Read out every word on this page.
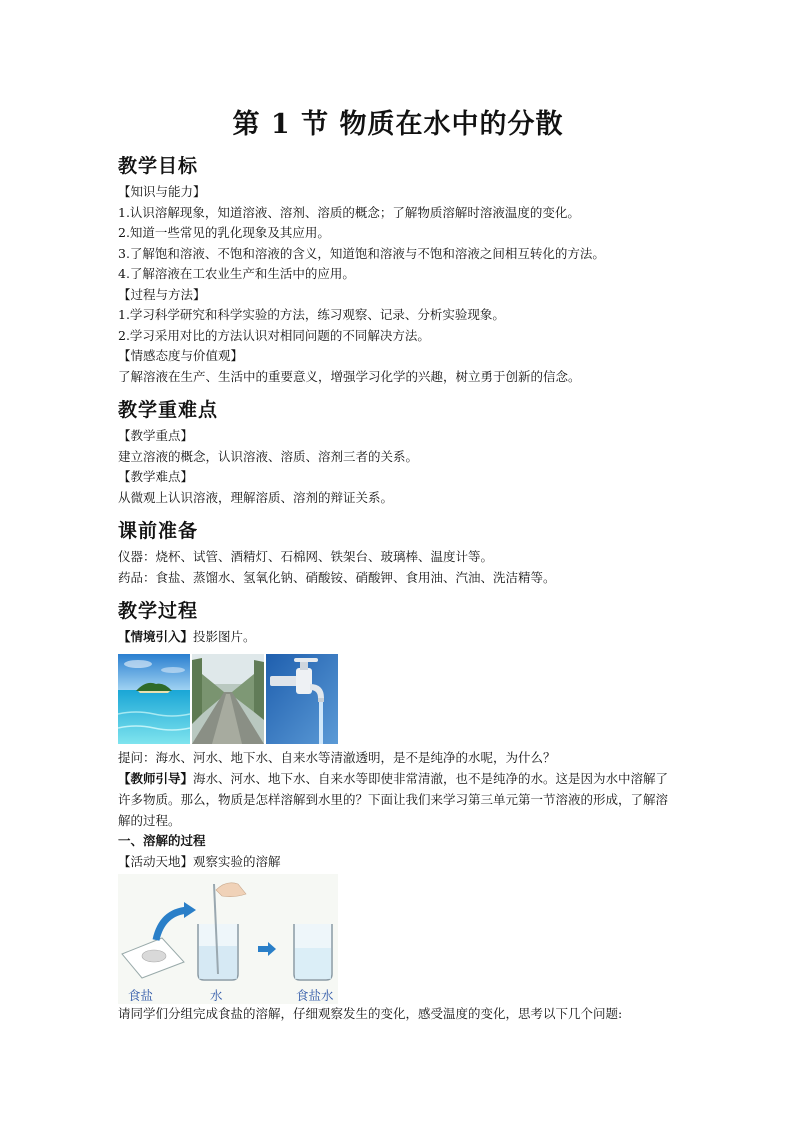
第 1 节 物质在水中的分散
教学目标
【知识与能力】
1.认识溶解现象，知道溶液、溶剂、溶质的概念；了解物质溶解时溶液温度的变化。
2.知道一些常见的乳化现象及其应用。
3.了解饱和溶液、不饱和溶液的含义，知道饱和溶液与不饱和溶液之间相互转化的方法。
4.了解溶液在工农业生产和生活中的应用。
【过程与方法】
1.学习科学研究和科学实验的方法，练习观察、记录、分析实验现象。
2.学习采用对比的方法认识对相同问题的不同解决方法。
【情感态度与价值观】
了解溶液在生产、生活中的重要意义，增强学习化学的兴趣，树立勇于创新的信念。
教学重难点
【教学重点】
建立溶液的概念，认识溶液、溶质、溶剂三者的关系。
【教学难点】
从微观上认识溶液，理解溶质、溶剂的辩证关系。
课前准备
仪器：烧杯、试管、酒精灯、石棉网、铁架台、玻璃棒、温度计等。
药品：食盐、蒸馏水、氢氧化钠、硝酸铵、硝酸钾、食用油、汽油、洗洁精等。
教学过程
【情境引入】投影图片。
提问：海水、河水、地下水、自来水等清澈透明，是不是纯净的水呢，为什么？
【教师引导】海水、河水、地下水、自来水等即使非常清澈，也不是纯净的水。这是因为水中溶解了许多物质。那么，物质是怎样溶解到水里的？下面让我们来学习第三单元第一节溶液的形成，了解溶解的过程。
一、溶解的过程
【活动天地】观察实验的溶解
食盐	水	食盐水
请同学们分组完成食盐的溶解，仔细观察发生的变化，感受温度的变化，思考以下几个问题:
